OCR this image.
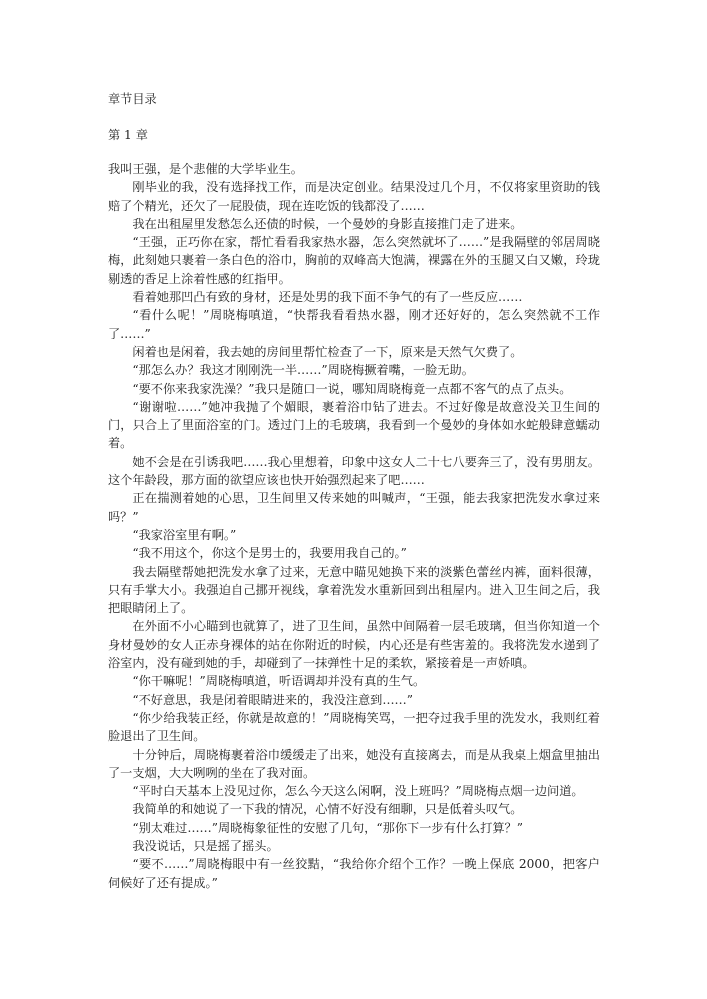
章节目录
第 1 章

我叫王强，是个悲催的大学毕业生。

刚毕业的我，没有选择找工作，而是决定创业。结果没过几个月，不仅将家里资助的钱赔了个精光，还欠了一屁股债，现在连吃饭的钱都没了……

我在出租屋里发愁怎么还债的时候，一个曼妙的身影直接推门走了进来。

“王强，正巧你在家，帮忙看看我家热水器，怎么突然就坏了……”是我隔壁的邻居周晓梅，此刻她只裹着一条白色的浴巾，胸前的双峰高大饱满，裸露在外的玉腿又白又嫩，玲珑剔透的香足上涂着性感的红指甲。

看着她那凹凸有致的身材，还是处男的我下面不争气的有了一些反应……

“看什么呢！”周晓梅嗔道，“快帮我看看热水器，刚才还好好的，怎么突然就不工作了……”

闲着也是闲着，我去她的房间里帮忙检查了一下，原来是天然气欠费了。

“那怎么办？我这才刚刚洗一半……”周晓梅撅着嘴，一脸无助。

“要不你来我家洗澡？”我只是随口一说，哪知周晓梅竟一点都不客气的点了点头。

“谢谢啦……”她冲我抛了个媚眼，裹着浴巾钻了进去。不过好像是故意没关卫生间的门，只合上了里面浴室的门。透过门上的毛玻璃，我看到一个曼妙的身体如水蛇般肆意蠕动着。

她不会是在引诱我吧……我心里想着，印象中这女人二十七八要奔三了，没有男朋友。这个年龄段，那方面的欲望应该也快开始强烈起来了吧……

正在揣测着她的心思，卫生间里又传来她的叫喊声，“王强，能去我家把洗发水拿过来吗？”

“我家浴室里有啊。”

“我不用这个，你这个是男士的，我要用我自己的。”

我去隔壁帮她把洗发水拿了过来，无意中瞄见她换下来的淡紫色蕾丝内裤，面料很薄，只有手掌大小。我强迫自己挪开视线，拿着洗发水重新回到出租屋内。进入卫生间之后，我把眼睛闭上了。

在外面不小心瞄到也就算了，进了卫生间，虽然中间隔着一层毛玻璃，但当你知道一个身材曼妙的女人正赤身裸体的站在你附近的时候，内心还是有些害羞的。我将洗发水递到了浴室内，没有碰到她的手，却碰到了一抹弹性十足的柔软，紧接着是一声娇嗔。

“你干嘛呢！”周晓梅嗔道，听语调却并没有真的生气。

“不好意思，我是闭着眼睛进来的，我没注意到……”

“你少给我装正经，你就是故意的！”周晓梅笑骂，一把夺过我手里的洗发水，我则红着脸退出了卫生间。

十分钟后，周晓梅裹着浴巾缓缓走了出来，她没有直接离去，而是从我桌上烟盒里抽出了一支烟，大大咧咧的坐在了我对面。

“平时白天基本上没见过你，怎么今天这么闲啊，没上班吗？”周晓梅点烟一边问道。

我简单的和她说了一下我的情况，心情不好没有细聊，只是低着头叹气。

“别太难过……”周晓梅象征性的安慰了几句，“那你下一步有什么打算？”

我没说话，只是摇了摇头。

“要不……”周晓梅眼中有一丝狡黠，“我给你介绍个工作？一晚上保底 2000，把客户伺候好了还有提成。”
